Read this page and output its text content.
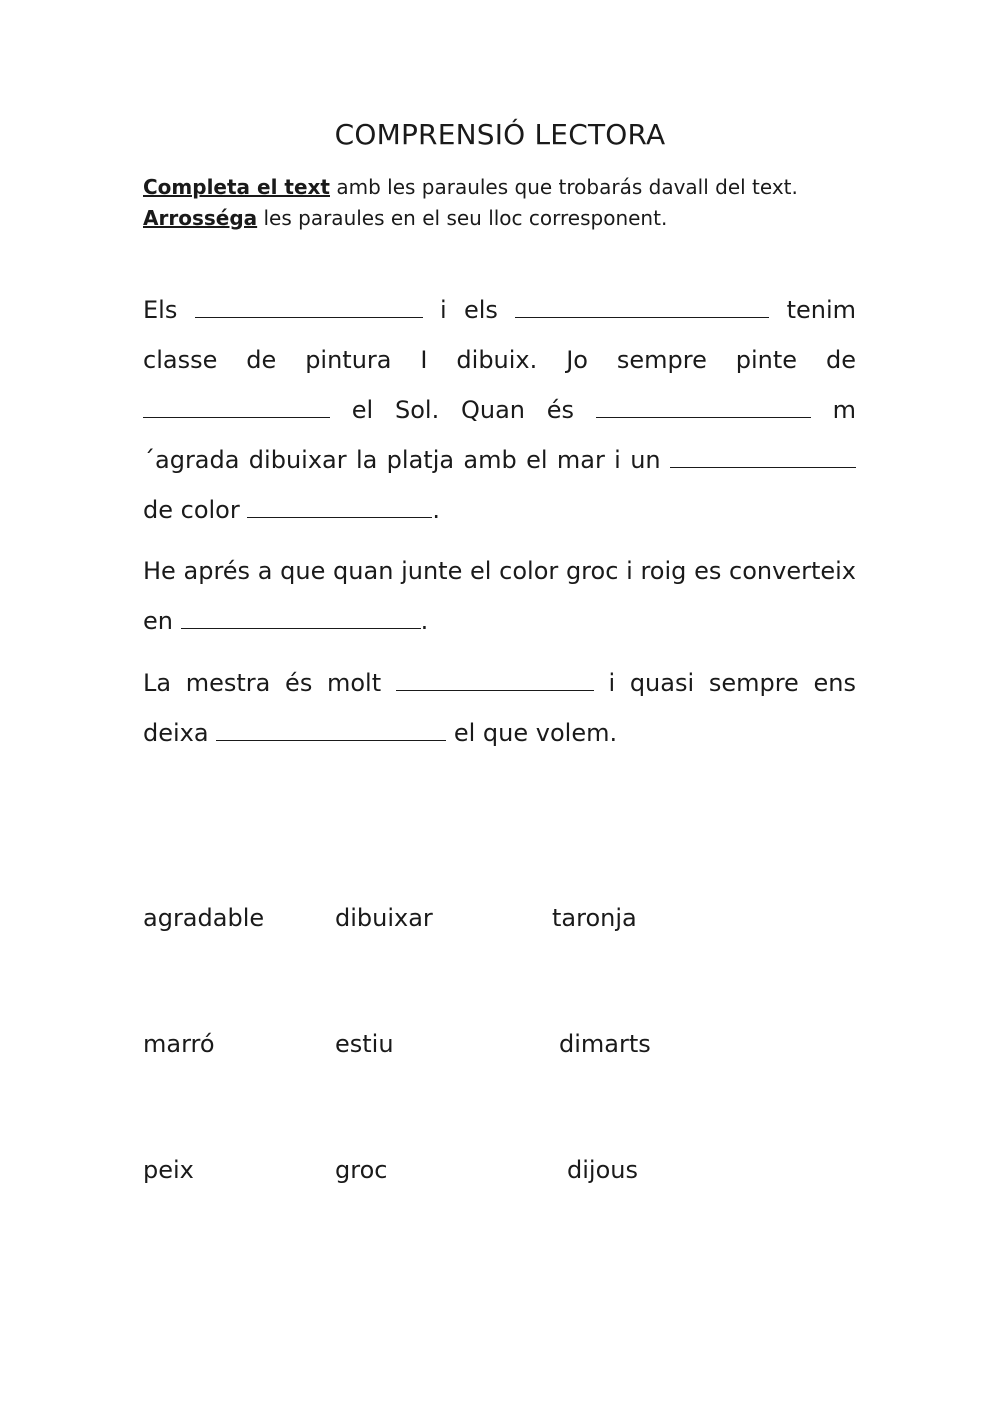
COMPRENSIÓ LECTORA
Completa el text amb les paraules que trobarás davall del text.
Arrosséga les paraules en el seu lloc corresponent.

Els	i els	tenim classe de pintura I dibuix. Jo sempre pinte de  el Sol. Quan és	m´agrada dibuixar la platja amb el mar i un  de color	.

He aprés a que quan junte el color groc i roig es converteix en	.

La mestra és molt	i quasi sempre ens deixa	el que volem.

agradable	dibuixar	taronja
marró	estiu	dimarts
peix	groc	dijous
